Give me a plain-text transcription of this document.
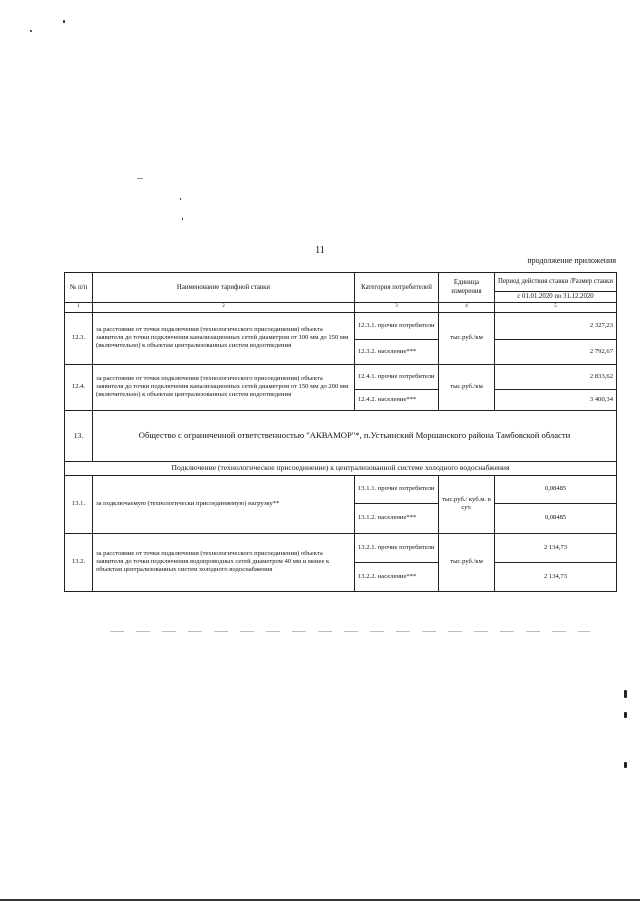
11
продолжение приложения
№ п/п	Наименование тарифной ставки	Категория потребителей	Единица измерения	Период действия ставки /Размер ставки
				с 01.01.2020 по 31.12.2020
1	2	3	4	5
12.3.	за расстояние от точки подключения (технологического присоединения) объекта заявителя до точки подключения канализационных сетей диаметром от 100 мм до 150 мм (включительно) к объектам централизованных систем водоотведения	12.3.1. прочие потребители	тыс.руб./км	2 327,23
		12.3.2. население***		2 792,67
12.4.	за расстояние от точки подключения (технологического присоединения) объекта заявителя до точки подключения канализационных сетей диаметром от 150 мм до 200 мм (включительно) к объектам централизованных систем водоотведения	12.4.1. прочие потребители	тыс.руб./км	2 833,62
		12.4.2. население***		3 400,34
13.	Общество с ограниченной ответственностью "АКВАМОР"*, п.Устьинский Моршанского района Тамбовской области			
Подключение (технологическое присоединение) к централизованной системе холодного водоснабжения				
13.1.	за подключаемую (технологически присоединяемую) нагрузку**	13.1.1. прочие потребители	тыс.руб./ куб.м. в сут.	0,08485
		13.1.2. население***		0,08485
13.2.	за расстояние от точки подключения (технологического присоединения) объекта заявителя до точки подключения водопроводных сетей диаметром 40 мм и менее к объектам централизованных систем холодного водоснабжения	13.2.1. прочие потребители	тыс.руб./км	2 134,73
		13.2.2. население***		2 134,73
